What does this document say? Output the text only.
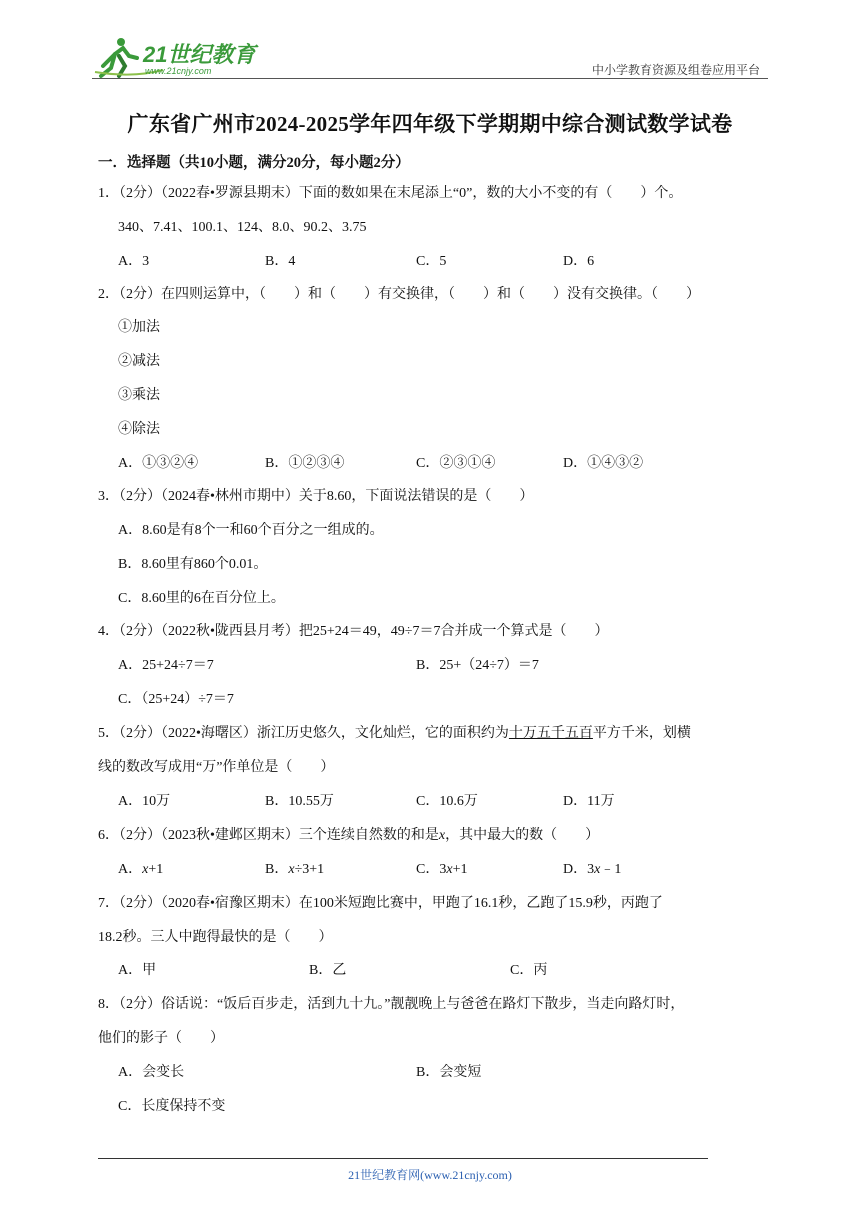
21世纪教育
www.21cnjy.com	中小学教育资源及组卷应用平台
广东省广州市2024-2025学年四年级下学期期中综合测试数学试卷
一．选择题（共10小题，满分20分，每小题2分）
1．（2分）（2022春•罗源县期末）下面的数如果在末尾添上“0”，数的大小不变的有（　　）个。
340、7.41、100.1、124、8.0、90.2、3.75
A．3	B．4	C．5	D．6
2．（2分）在四则运算中，（　　）和（　　）有交换律，（　　）和（　　）没有交换律。（　　）
①加法
②减法
③乘法
④除法
A．①③②④	B．①②③④	C．②③①④	D．①④③②
3．（2分）（2024春•林州市期中）关于8.60，下面说法错误的是（　　）
A．8.60是有8个一和60个百分之一组成的。
B．8.60里有860个0.01。
C．8.60里的6在百分位上。
4．（2分）（2022秋•陇西县月考）把25+24＝49，49÷7＝7合并成一个算式是（　　）
A．25+24÷7＝7	B．25+（24÷7）＝7
C．（25+24）÷7＝7
5．（2分）（2022•海曙区）浙江历史悠久，文化灿烂，它的面积约为十万五千五百平方千米，划横
线的数改写成用“万”作单位是（　　）
A．10万	B．10.55万	C．10.6万	D．11万
6．（2分）（2023秋•建邺区期末）三个连续自然数的和是x，其中最大的数（　　）
A．x+1	B．x÷3+1	C．3x+1	D．3x﹣1
7．（2分）（2020春•宿豫区期末）在100米短跑比赛中，甲跑了16.1秒，乙跑了15.9秒，丙跑了
18.2秒。三人中跑得最快的是（　　）
A．甲	B．乙	C．丙
8．（2分）俗话说：“饭后百步走，活到九十九。”靓靓晚上与爸爸在路灯下散步，当走向路灯时，
他们的影子（　　）
A．会变长	B．会变短
C．长度保持不变
21世纪教育网(www.21cnjy.com)
